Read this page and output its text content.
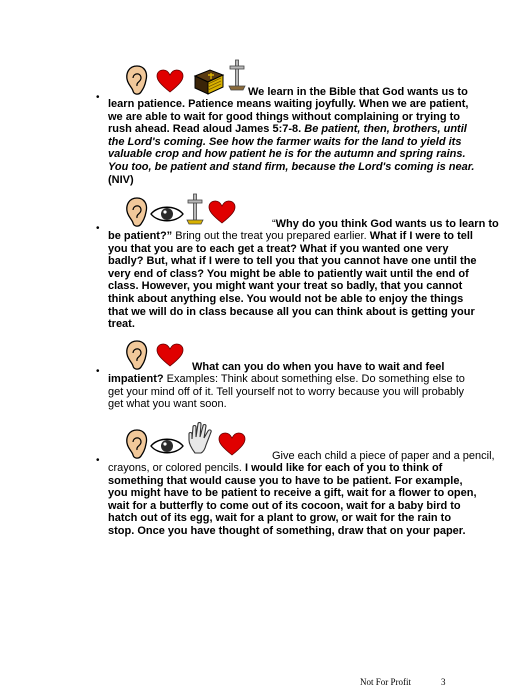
•	We learn in the Bible that God wants us to

learn patience. Patience means waiting joyfully. When we are patient, we are able to wait for good things without complaining or trying to rush ahead. Read aloud James 5:7-8. Be patient, then, brothers, until the Lord's coming. See how the farmer waits for the land to yield its valuable crop and how patient he is for the autumn and spring rains. You too, be patient and stand firm, because the Lord's coming is near. (NIV)

•	“Why do you think God wants us to learn to

be patient?” Bring out the treat you prepared earlier. What if I were to tell you that you are to each get a treat? What if you wanted one very badly? But, what if I were to tell you that you cannot have one until the very end of class? You might be able to patiently wait until the end of class. However, you might want your treat so badly, that you cannot think about anything else. You would not be able to enjoy the things that we will do in class because all you can think about is getting your treat.

•	What can you do when you have to wait and feel

impatient? Examples: Think about something else. Do something else to get your mind off of it. Tell yourself not to worry because you will probably get what you want soon.

•	Give each child a piece of paper and a pencil,

crayons, or colored pencils. I would like for each of you to think of something that would cause you to have to be patient. For example, you might have to be patient to receive a gift, wait for a flower to open, wait for a butterfly to come out of its cocoon, wait for a baby bird to hatch out of its egg, wait for a plant to grow, or wait for the rain to stop. Once you have thought of something, draw that on your paper.

Not For Profit	3
